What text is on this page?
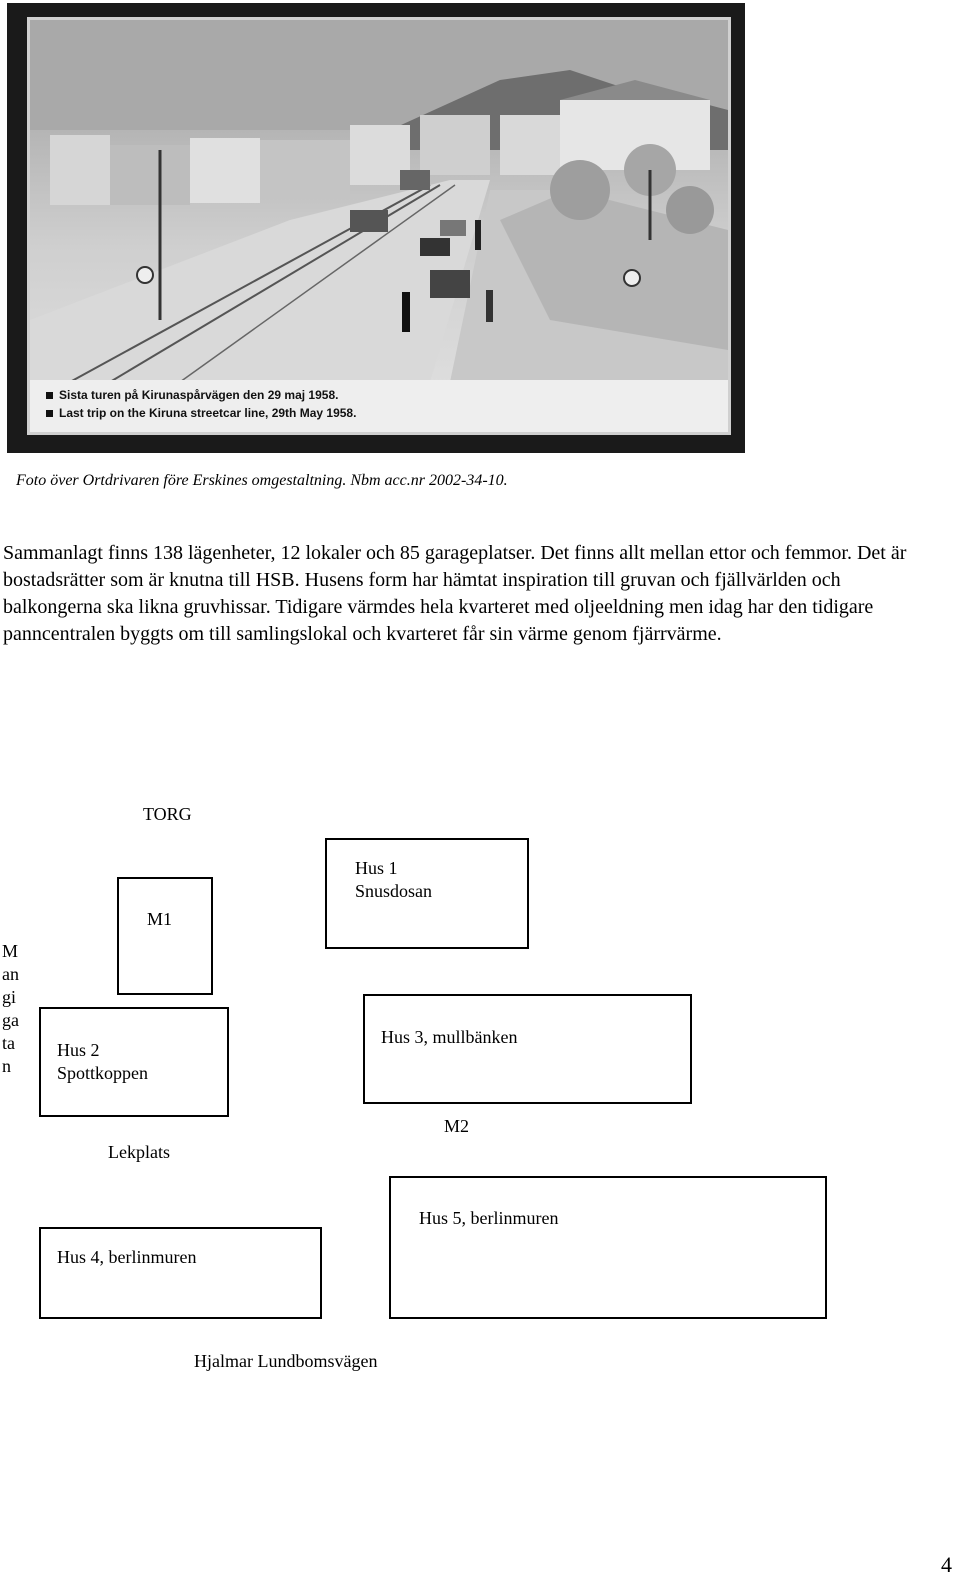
Sista turen på Kirunaspårvägen den 29 maj 1958.
Last trip on the Kiruna streetcar line, 29th May 1958.
Foto över Ortdrivaren före Erskines omgestaltning. Nbm acc.nr 2002-34-10.
Sammanlagt finns 138 lägenheter, 12 lokaler och 85 garageplatser. Det finns allt mellan ettor och femmor. Det är bostadsrätter som är knutna till HSB. Husens form har hämtat inspiration till gruvan och fjällvärlden och balkongerna ska likna gruvhissar. Tidigare värmdes hela kvarteret med oljeeldning men idag har den tidigare panncentralen byggts om till samlingslokal och kvarteret får sin värme genom fjärrvärme.
TORG
Hus 1
Snusdosan
M1
Mangigatan
Hus 2
Spottkoppen
Hus 3, mullbänken
M2
Lekplats
Hus 5, berlinmuren
Hus 4, berlinmuren
Hjalmar Lundbomsvägen
4
